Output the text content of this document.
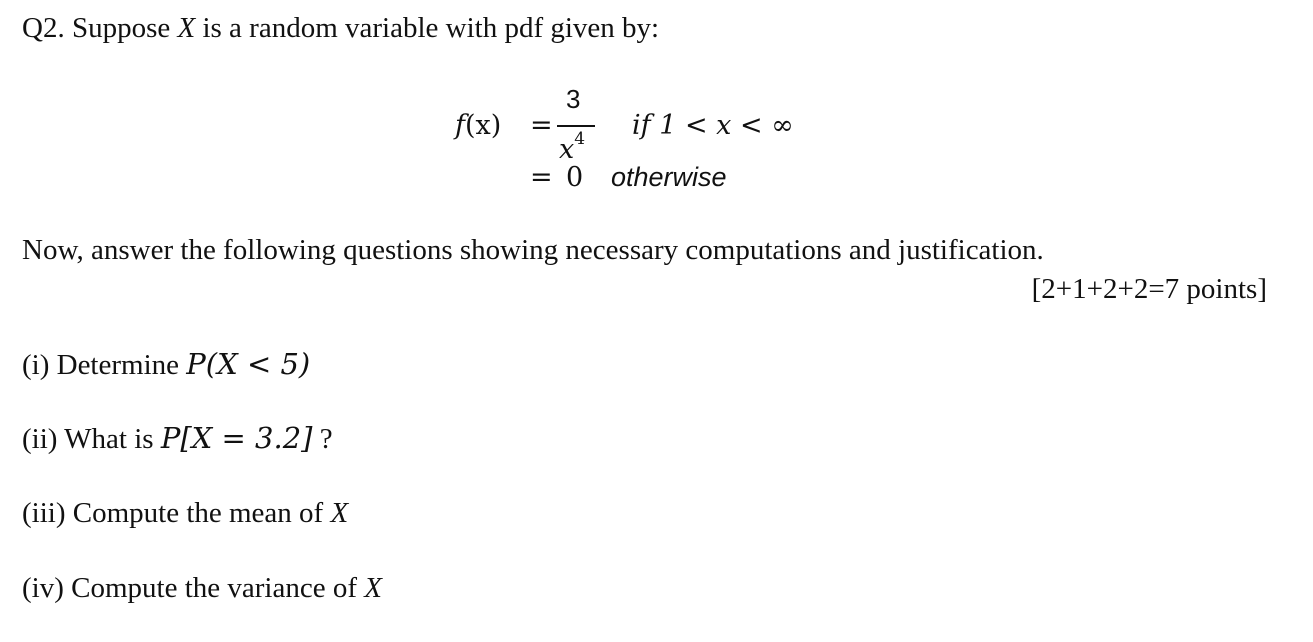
Q2. Suppose X is a random variable with pdf given by:
f(x) =
3
$x^4$ if 1 < x < ∞
= 0 otherwise
Now, answer the following questions showing necessary computations and justification.
[2+1+2+2=7 points]
(i) Determine P(X < 5)
(ii) What is P[X = 3.2] ?
(iii) Compute the mean of X
(iv) Compute the variance of X
